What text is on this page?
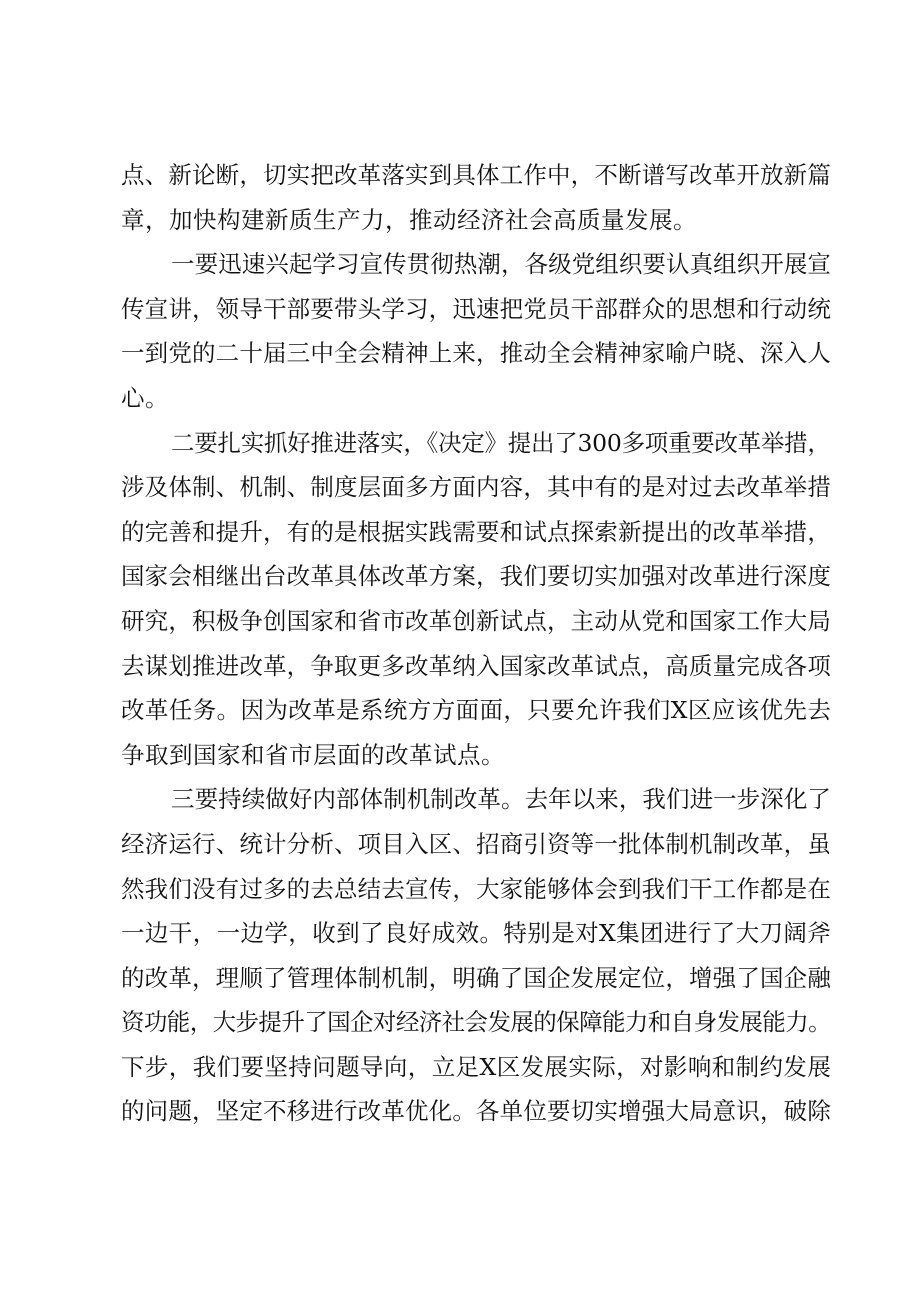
点、新论断，切实把改革落实到具体工作中，不断谱写改革开放新篇
章，加快构建新质生产力，推动经济社会高质量发展。
一要迅速兴起学习宣传贯彻热潮，各级党组织要认真组织开展宣
传宣讲，领导干部要带头学习，迅速把党员干部群众的思想和行动统
一到党的二十届三中全会精神上来，推动全会精神家喻户晓、深入人
心。
二要扎实抓好推进落实，《决定》提出了300多项重要改革举措，
涉及体制、机制、制度层面多方面内容，其中有的是对过去改革举措
的完善和提升，有的是根据实践需要和试点探索新提出的改革举措，
国家会相继出台改革具体改革方案，我们要切实加强对改革进行深度
研究，积极争创国家和省市改革创新试点，主动从党和国家工作大局
去谋划推进改革，争取更多改革纳入国家改革试点，高质量完成各项
改革任务。因为改革是系统方方面面，只要允许我们X区应该优先去
争取到国家和省市层面的改革试点。
三要持续做好内部体制机制改革。去年以来，我们进一步深化了
经济运行、统计分析、项目入区、招商引资等一批体制机制改革，虽
然我们没有过多的去总结去宣传，大家能够体会到我们干工作都是在
一边干，一边学，收到了良好成效。特别是对X集团进行了大刀阔斧
的改革，理顺了管理体制机制，明确了国企发展定位，增强了国企融
资功能，大步提升了国企对经济社会发展的保障能力和自身发展能力。
下步，我们要坚持问题导向，立足X区发展实际，对影响和制约发展
的问题，坚定不移进行改革优化。各单位要切实增强大局意识，破除
